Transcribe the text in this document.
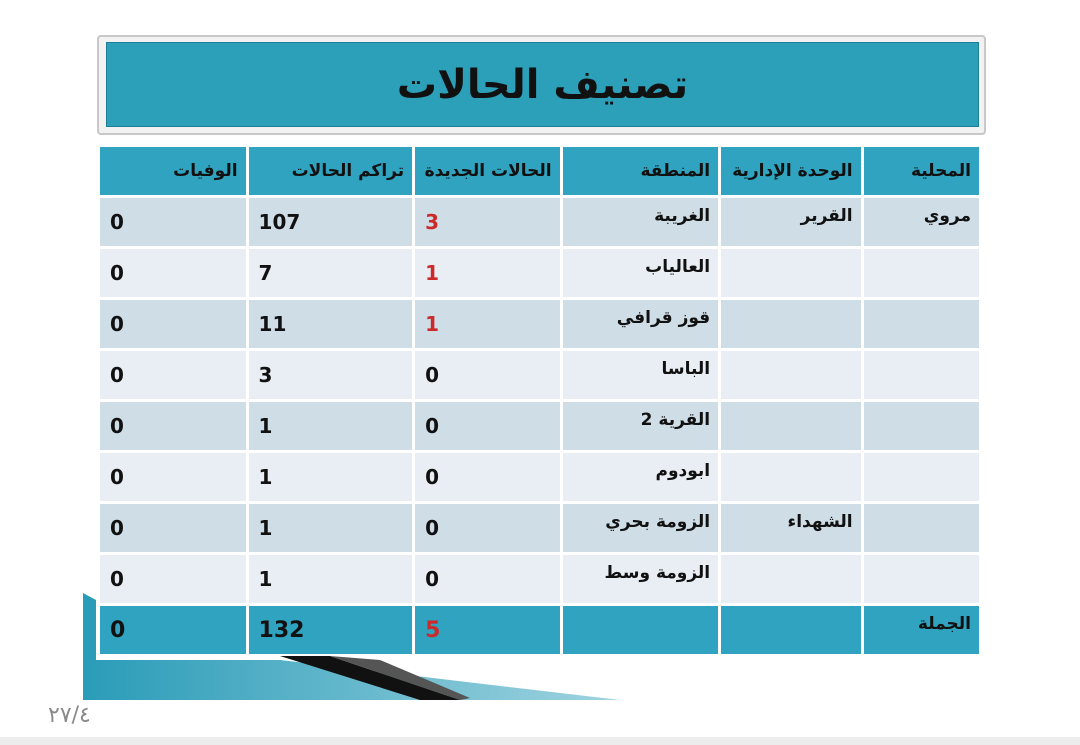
تصنيف الحالات
المحلية	الوحدة الإدارية	المنطقة	الحالات الجديدة	تراكم الحالات	الوفيات
مروي	القرير	الغريبة	3	107	0
		العالياب	1	7	0
		قوز قرافي	1	11	0
		الباسا	0	3	0
		القرية 2	0	1	0
		ابودوم	0	1	0
	الشهداء	الزومة بحري	0	1	0
		الزومة وسط	0	1	0
الجملة			5	132	0
٢٧/٤
